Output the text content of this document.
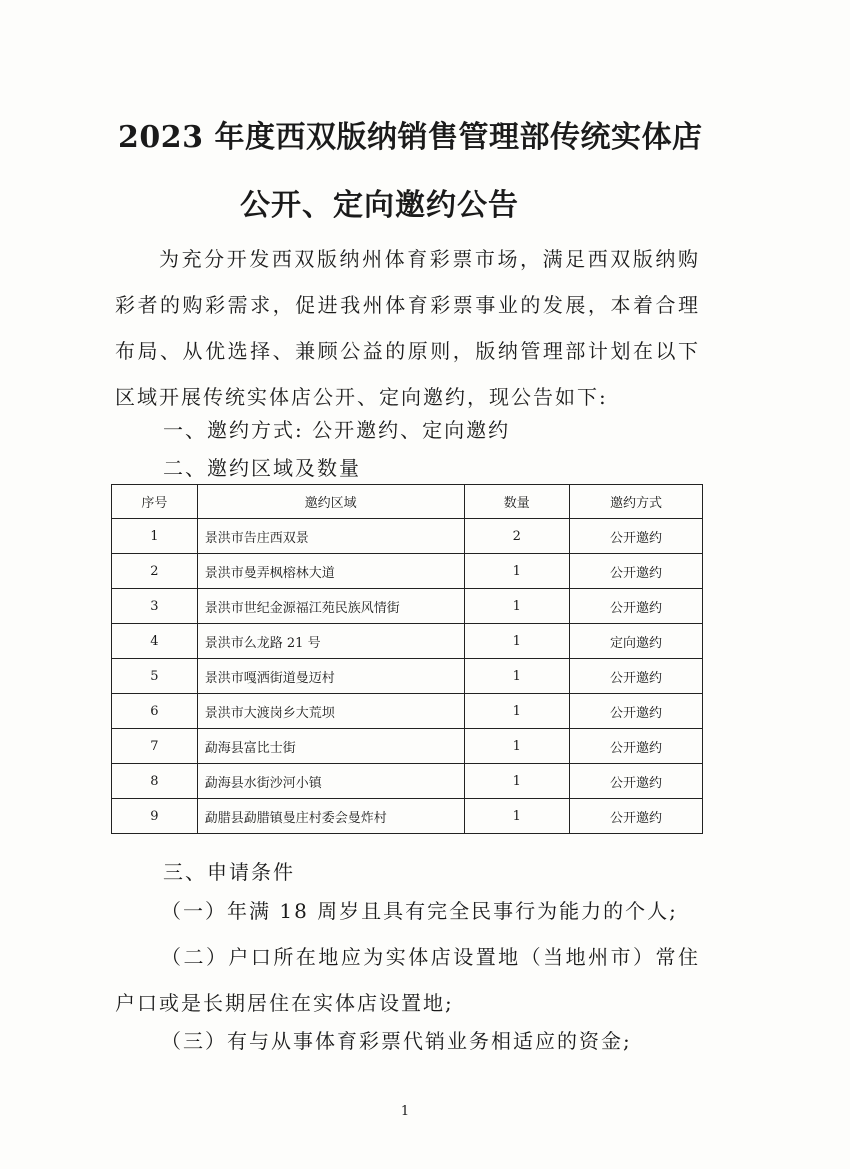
2023 年度西双版纳销售管理部传统实体店
公开、定向邀约公告
为充分开发西双版纳州体育彩票市场，满足西双版纳购彩者的购彩需求，促进我州体育彩票事业的发展，本着合理布局、从优选择、兼顾公益的原则，版纳管理部计划在以下区域开展传统实体店公开、定向邀约，现公告如下:
一、邀约方式: 公开邀约、定向邀约
二、邀约区域及数量
序号	邀约区域	数量	邀约方式
1	景洪市告庄西双景	2	公开邀约
2	景洪市曼弄枫榕林大道	1	公开邀约
3	景洪市世纪金源福江苑民族风情街	1	公开邀约
4	景洪市么龙路 21 号	1	定向邀约
5	景洪市嘎洒街道曼迈村	1	公开邀约
6	景洪市大渡岗乡大荒坝	1	公开邀约
7	勐海县富比士街	1	公开邀约
8	勐海县水街沙河小镇	1	公开邀约
9	勐腊县勐腊镇曼庄村委会曼炸村	1	公开邀约
三、申请条件
（一）年满 18 周岁且具有完全民事行为能力的个人;
（二）户口所在地应为实体店设置地（当地州市）常住户口或是长期居住在实体店设置地;
（三）有与从事体育彩票代销业务相适应的资金;
1
